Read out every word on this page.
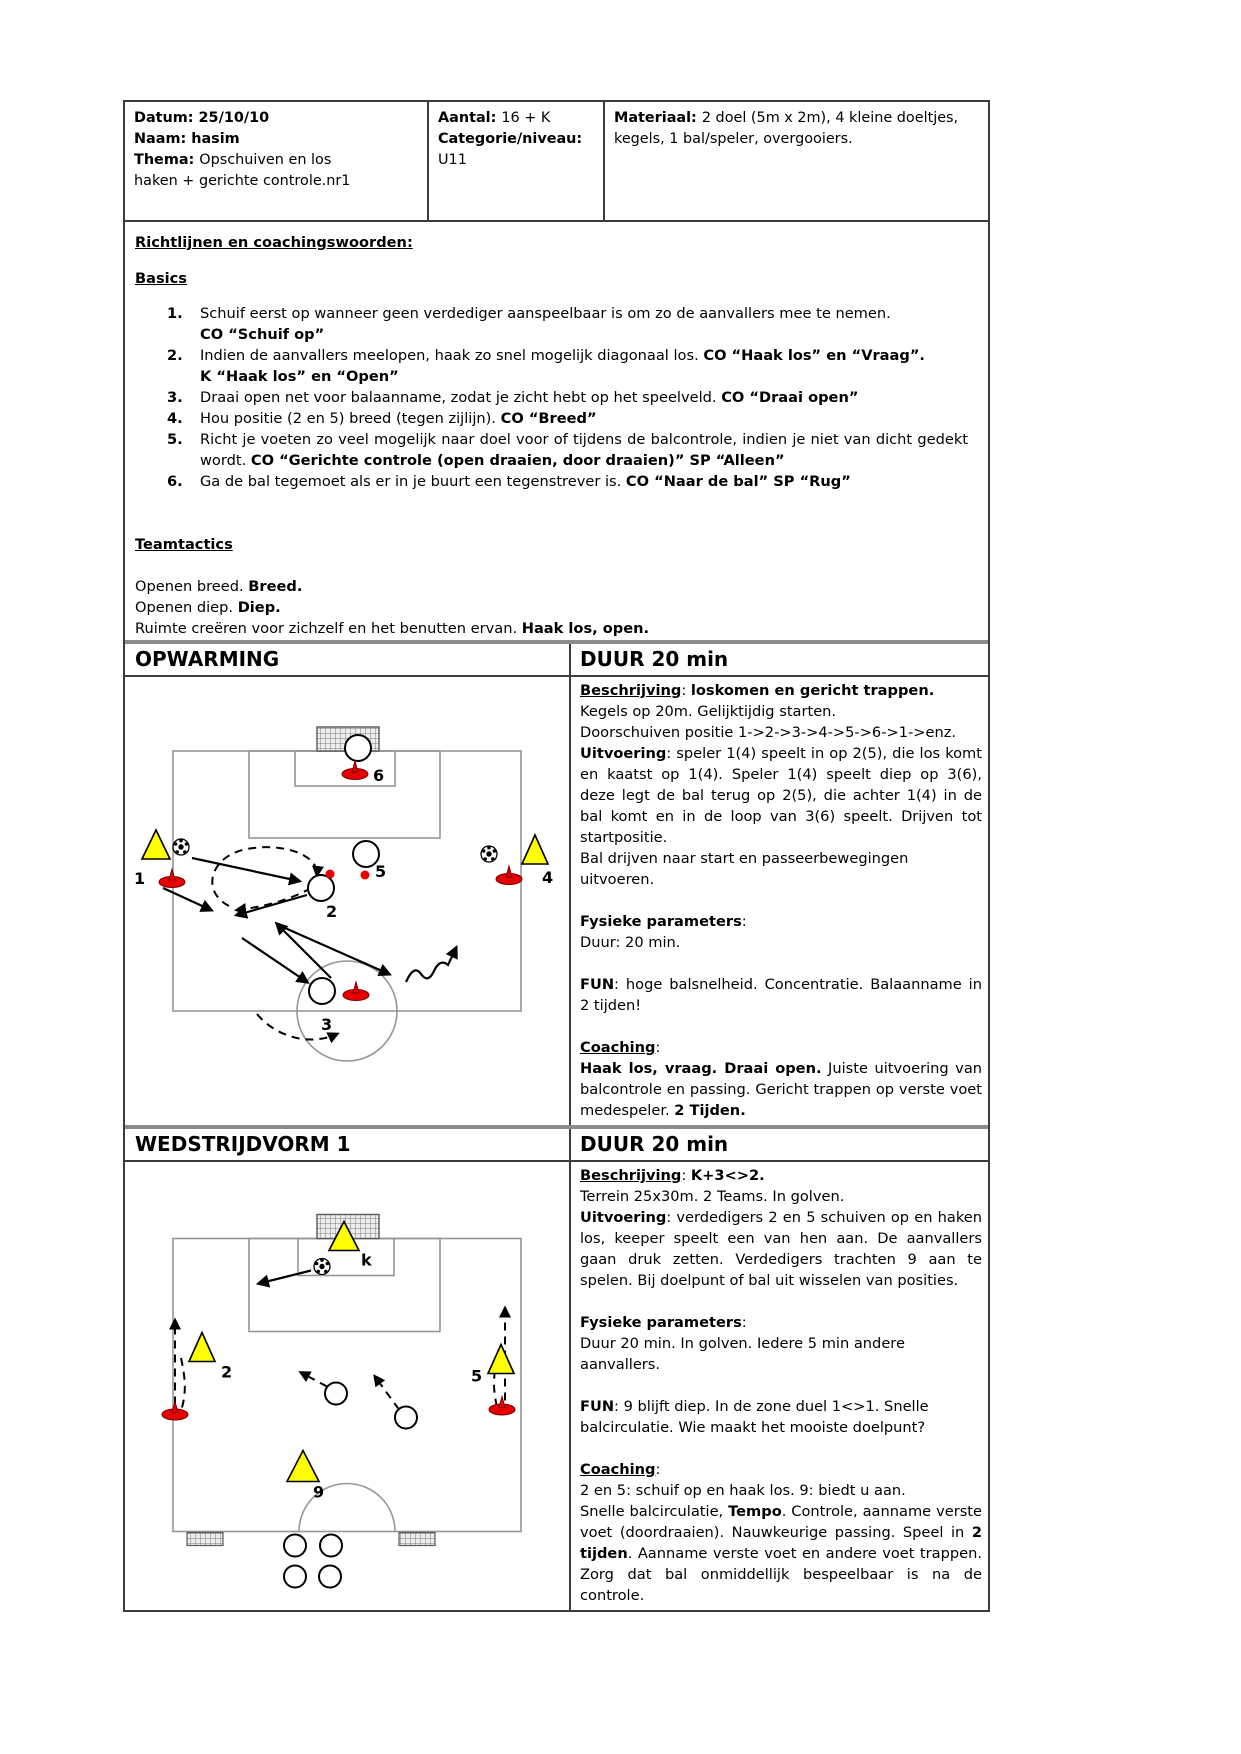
Datum: 25/10/10
Naam: hasim
Thema: Opschuiven en los haken + gerichte controle.nr1
Aantal: 16 + K
Categorie/niveau:
U11
Materiaal: 2 doel (5m x 2m), 4 kleine doeltjes, kegels, 1 bal/speler, overgooiers.
Richtlijnen en coachingswoorden:
Basics
1.	Schuif eerst op wanneer geen verdediger aanspeelbaar is om zo de aanvallers mee te nemen.
CO “Schuif op”
2.	Indien de aanvallers meelopen, haak zo snel mogelijk diagonaal los. CO “Haak los” en “Vraag”.
K “Haak los” en “Open”
3.	Draai open net voor balaanname, zodat je zicht hebt op het speelveld. CO “Draai open”
4.	Hou positie (2 en 5) breed (tegen zijlijn). CO “Breed”
5.	Richt je voeten zo veel mogelijk naar doel voor of tijdens de balcontrole, indien je niet van dicht gedekt wordt. CO “Gerichte controle (open draaien, door draaien)” SP “Alleen”
6.	Ga de bal tegemoet als er in je buurt een tegenstrever is. CO “Naar de bal” SP “Rug”
Teamtactics
Openen breed. Breed.
Openen diep. Diep.
Ruimte creëren voor zichzelf en het benutten ervan. Haak los, open.
OPWARMING	DUUR 20 min
1
2
5
6
3
4
Beschrijving: loskomen en gericht trappen.
Kegels op 20m. Gelijktijdig starten.
Doorschuiven positie 1->2->3->4->5->6->1->enz.
Uitvoering: speler 1(4) speelt in op 2(5), die los komt en kaatst op 1(4). Speler 1(4) speelt diep op 3(6), deze legt de bal terug op 2(5), die achter 1(4) in de bal komt en in de loop van 3(6) speelt. Drijven tot startpositie.
Bal drijven naar start en passeerbewegingen uitvoeren.
Fysieke parameters:
Duur: 20 min.
FUN: hoge balsnelheid. Concentratie. Balaanname in 2 tijden!
Coaching:
Haak los, vraag. Draai open. Juiste uitvoering van balcontrole en passing. Gericht trappen op verste voet medespeler. 2 Tijden.
WEDSTRIJDVORM 1	DUUR 20 min
k
2	5
9
Beschrijving: K+3<>2.
Terrein 25x30m. 2 Teams. In golven.
Uitvoering: verdedigers 2 en 5 schuiven op en haken los, keeper speelt een van hen aan. De aanvallers gaan druk zetten. Verdedigers trachten 9 aan te spelen. Bij doelpunt of bal uit wisselen van posities.
Fysieke parameters:
Duur 20 min. In golven. Iedere 5 min andere aanvallers.
FUN: 9 blijft diep. In de zone duel 1<>1. Snelle balcirculatie. Wie maakt het mooiste doelpunt?
Coaching:
2 en 5: schuif op en haak los. 9: biedt u aan.
Snelle balcirculatie, Tempo. Controle, aanname verste voet (doordraaien). Nauwkeurige passing. Speel in 2 tijden. Aanname verste voet en andere voet trappen. Zorg dat bal onmiddellijk bespeelbaar is na de controle.
